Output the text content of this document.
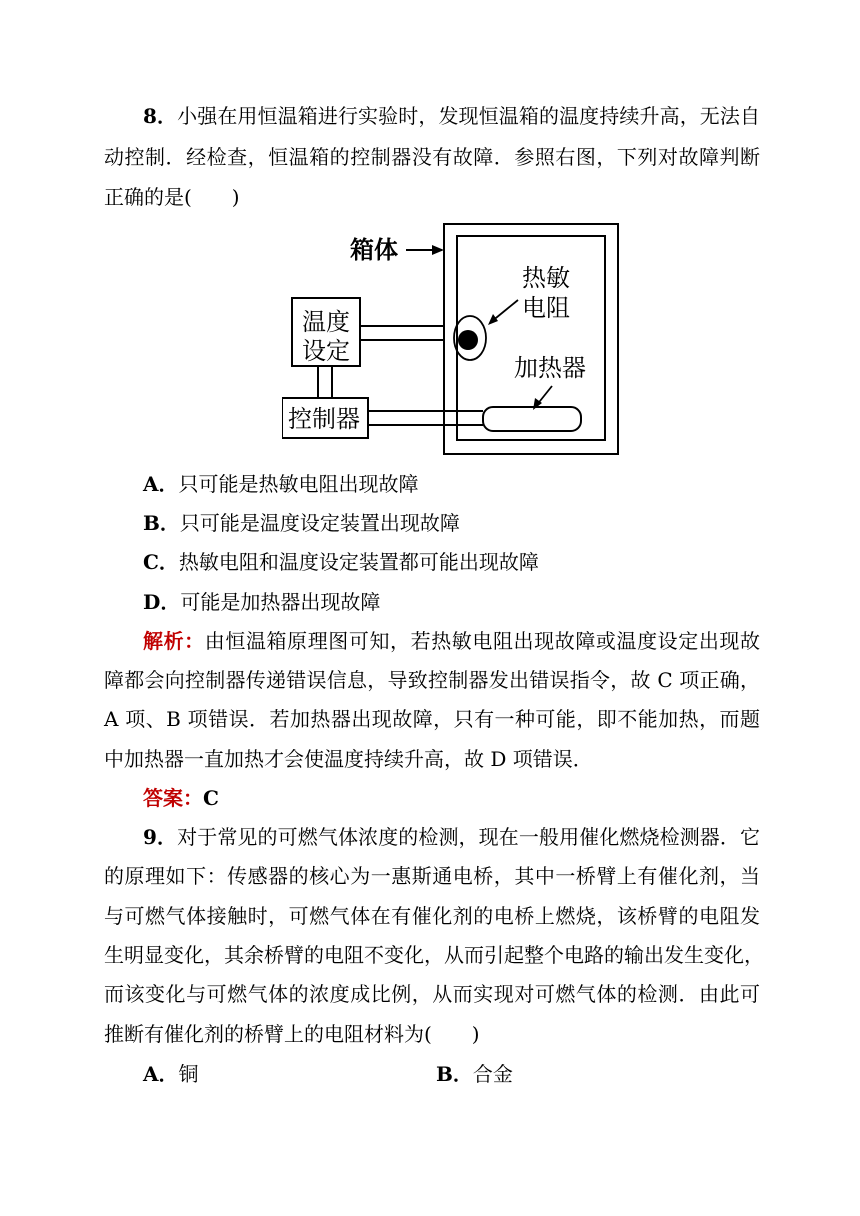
8．小强在用恒温箱进行实验时，发现恒温箱的温度持续升高，无法自
动控制．经检查，恒温箱的控制器没有故障．参照右图，下列对故障判断
正确的是(　　)
箱体
热敏
电阻
温度
设定
加热器
控制器
A．只可能是热敏电阻出现故障
B．只可能是温度设定装置出现故障
C．热敏电阻和温度设定装置都可能出现故障
D．可能是加热器出现故障
解析：由恒温箱原理图可知，若热敏电阻出现故障或温度设定出现故
障都会向控制器传递错误信息，导致控制器发出错误指令，故 C 项正确，
A 项、B 项错误．若加热器出现故障，只有一种可能，即不能加热，而题
中加热器一直加热才会使温度持续升高，故 D 项错误．
答案：C
9．对于常见的可燃气体浓度的检测，现在一般用催化燃烧检测器．它
的原理如下：传感器的核心为一惠斯通电桥，其中一桥臂上有催化剂，当
与可燃气体接触时，可燃气体在有催化剂的电桥上燃烧，该桥臂的电阻发
生明显变化，其余桥臂的电阻不变化，从而引起整个电路的输出发生变化，
而该变化与可燃气体的浓度成比例，从而实现对可燃气体的检测．由此可
推断有催化剂的桥臂上的电阻材料为(　　)
A．铜	B．合金
